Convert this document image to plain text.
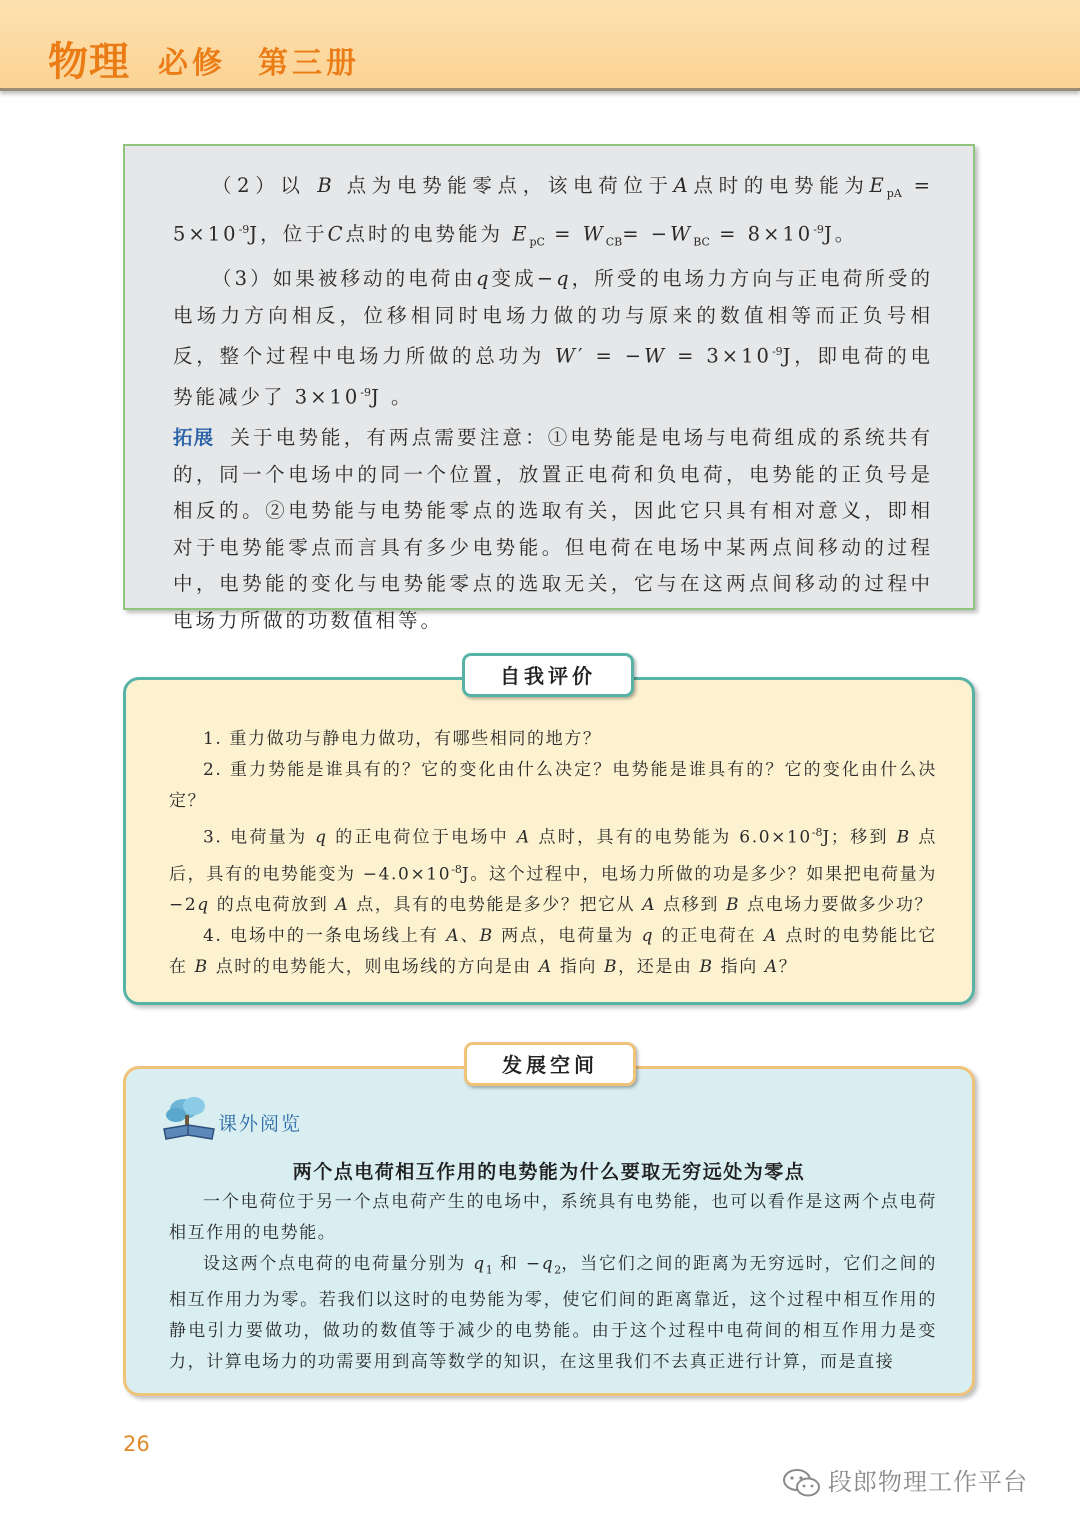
物理 必修 第三册

（2）以 B 点为电势能零点，该电荷位于A点时的电势能为$E_{pA} = 5\times 10^{-9}J$，位于C点时的电势能为 $E_{pC} = W_{CB}= -W_{BC} = 8\times 10^{-9}J$。

（3）如果被移动的电荷由q变成−q，所受的电场力方向与正电荷所受的电场力方向相反，位移相同时电场力做的功与原来的数值相等而正负号相反，整个过程中电场力所做的总功为 $W' = -W = 3\times 10^{-9}J$，即电荷的电势能减少了 $3\times 10^{-9}J$ 。

拓展 关于电势能，有两点需要注意：①电势能是电场与电荷组成的系统共有的，同一个电场中的同一个位置，放置正电荷和负电荷，电势能的正负号是相反的。②电势能与电势能零点的选取有关，因此它只具有相对意义，即相对于电势能零点而言具有多少电势能。但电荷在电场中某两点间移动的过程中，电势能的变化与电势能零点的选取无关，它与在这两点间移动的过程中电场力所做的功数值相等。

自我评价

1. 重力做功与静电力做功，有哪些相同的地方？

2. 重力势能是谁具有的？它的变化由什么决定？电势能是谁具有的？它的变化由什么决定？

3. 电荷量为 q 的正电荷位于电场中 A 点时，具有的电势能为 $6.0\times 10^{-8}J$；移到 B 点后，具有的电势能变为 $-4.0\times 10^{-8}J$。这个过程中，电场力所做的功是多少？如果把电荷量为 −2q 的点电荷放到 A 点，具有的电势能是多少？把它从 A 点移到 B 点电场力要做多少功？

4. 电场中的一条电场线上有 A、B 两点，电荷量为 q 的正电荷在 A 点时的电势能比它在 B 点时的电势能大，则电场线的方向是由 A 指向 B，还是由 B 指向 A？

发展空间
课外阅览
两个点电荷相互作用的电势能为什么要取无穷远处为零点

一个电荷位于另一个点电荷产生的电场中，系统具有电势能，也可以看作是这两个点电荷相互作用的电势能。

设这两个点电荷的电荷量分别为 $q_1$ 和 $-q_2$，当它们之间的距离为无穷远时，它们之间的相互作用力为零。若我们以这时的电势能为零，使它们间的距离靠近，这个过程中相互作用的静电引力要做功，做功的数值等于减少的电势能。由于这个过程中电荷间的相互作用力是变力，计算电场力的功需要用到高等数学的知识，在这里我们不去真正进行计算，而是直接

26
段郎物理工作平台
